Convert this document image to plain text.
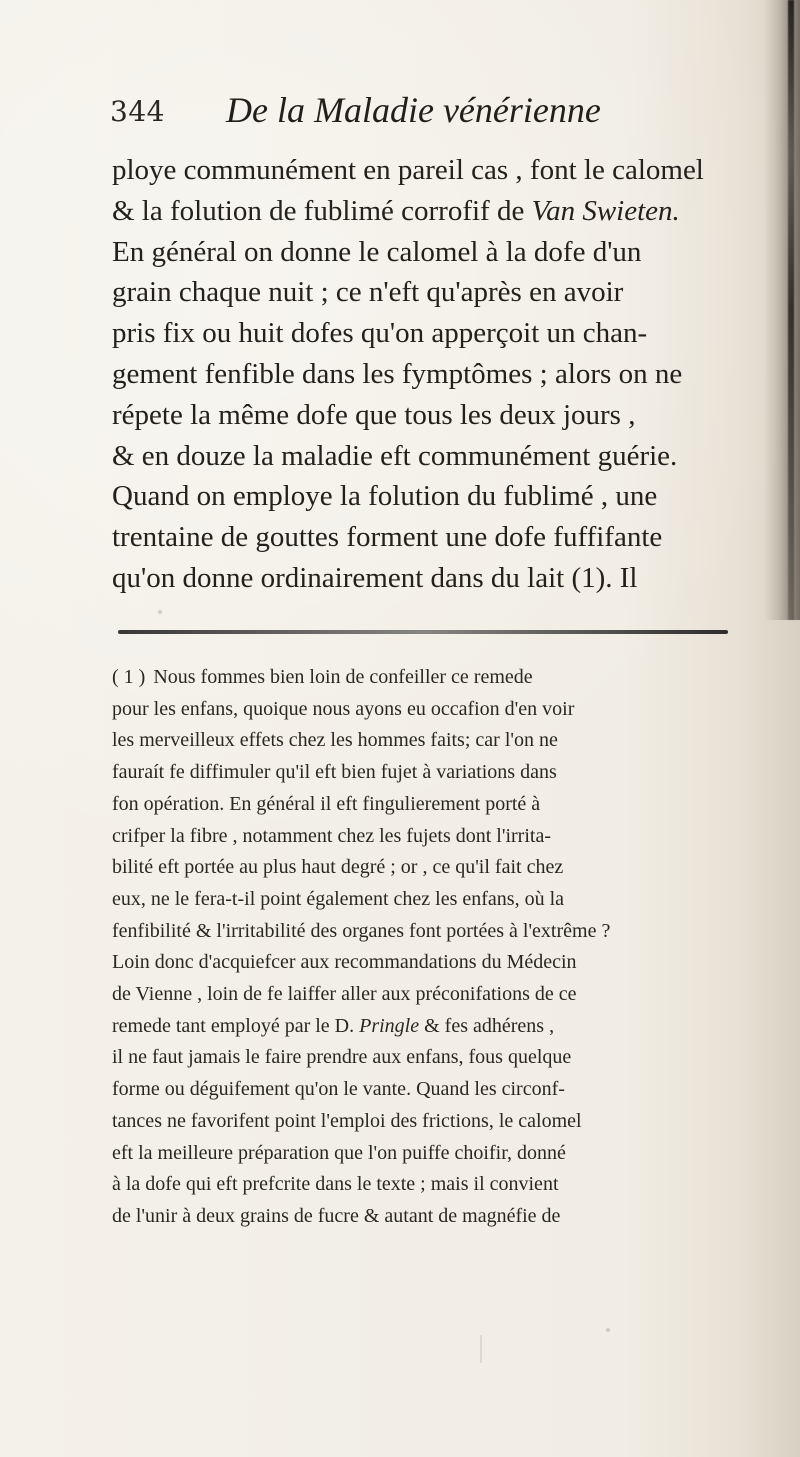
344 De la Maladie vénérienne
ploye communément en pareil cas , font le calomel
& la folution de fublimé corrofif de Van Swieten.
En général on donne le calomel à la dofe d'un
grain chaque nuit ; ce n'eft qu'après en avoir
pris fix ou huit dofes qu'on apperçoit un chan-
gement fenfible dans les fymptômes ; alors on ne
répete la même dofe que tous les deux jours ,
& en douze la maladie eft communément guérie.
Quand on employe la folution du fublimé , une
trentaine de gouttes forment une dofe fuffifante
qu'on donne ordinairement dans du lait (1). Il
( 1 ) Nous fommes bien loin de confeiller ce remede
pour les enfans, quoique nous ayons eu occafion d'en voir
les merveilleux effets chez les hommes faits; car l'on ne
fauraít fe diffimuler qu'il eft bien fujet à variations dans
fon opération. En général il eft fingulierement porté à
crifper la fibre , notamment chez les fujets dont l'irrita-
bilité eft portée au plus haut degré ; or , ce qu'il fait chez
eux, ne le fera-t-il point également chez les enfans, où la
fenfibilité & l'irritabilité des organes font portées à l'extrême ?
Loin donc d'acquiefcer aux recommandations du Médecin
de Vienne , loin de fe laiffer aller aux préconifations de ce
remede tant employé par le D. Pringle & fes adhérens ,
il ne faut jamais le faire prendre aux enfans, fous quelque
forme ou déguifement qu'on le vante. Quand les circonf-
tances ne favorifent point l'emploi des frictions, le calomel
eft la meilleure préparation que l'on puiffe choifir, donné
à la dofe qui eft prefcrite dans le texte ; mais il convient
de l'unir à deux grains de fucre & autant de magnéfie de
